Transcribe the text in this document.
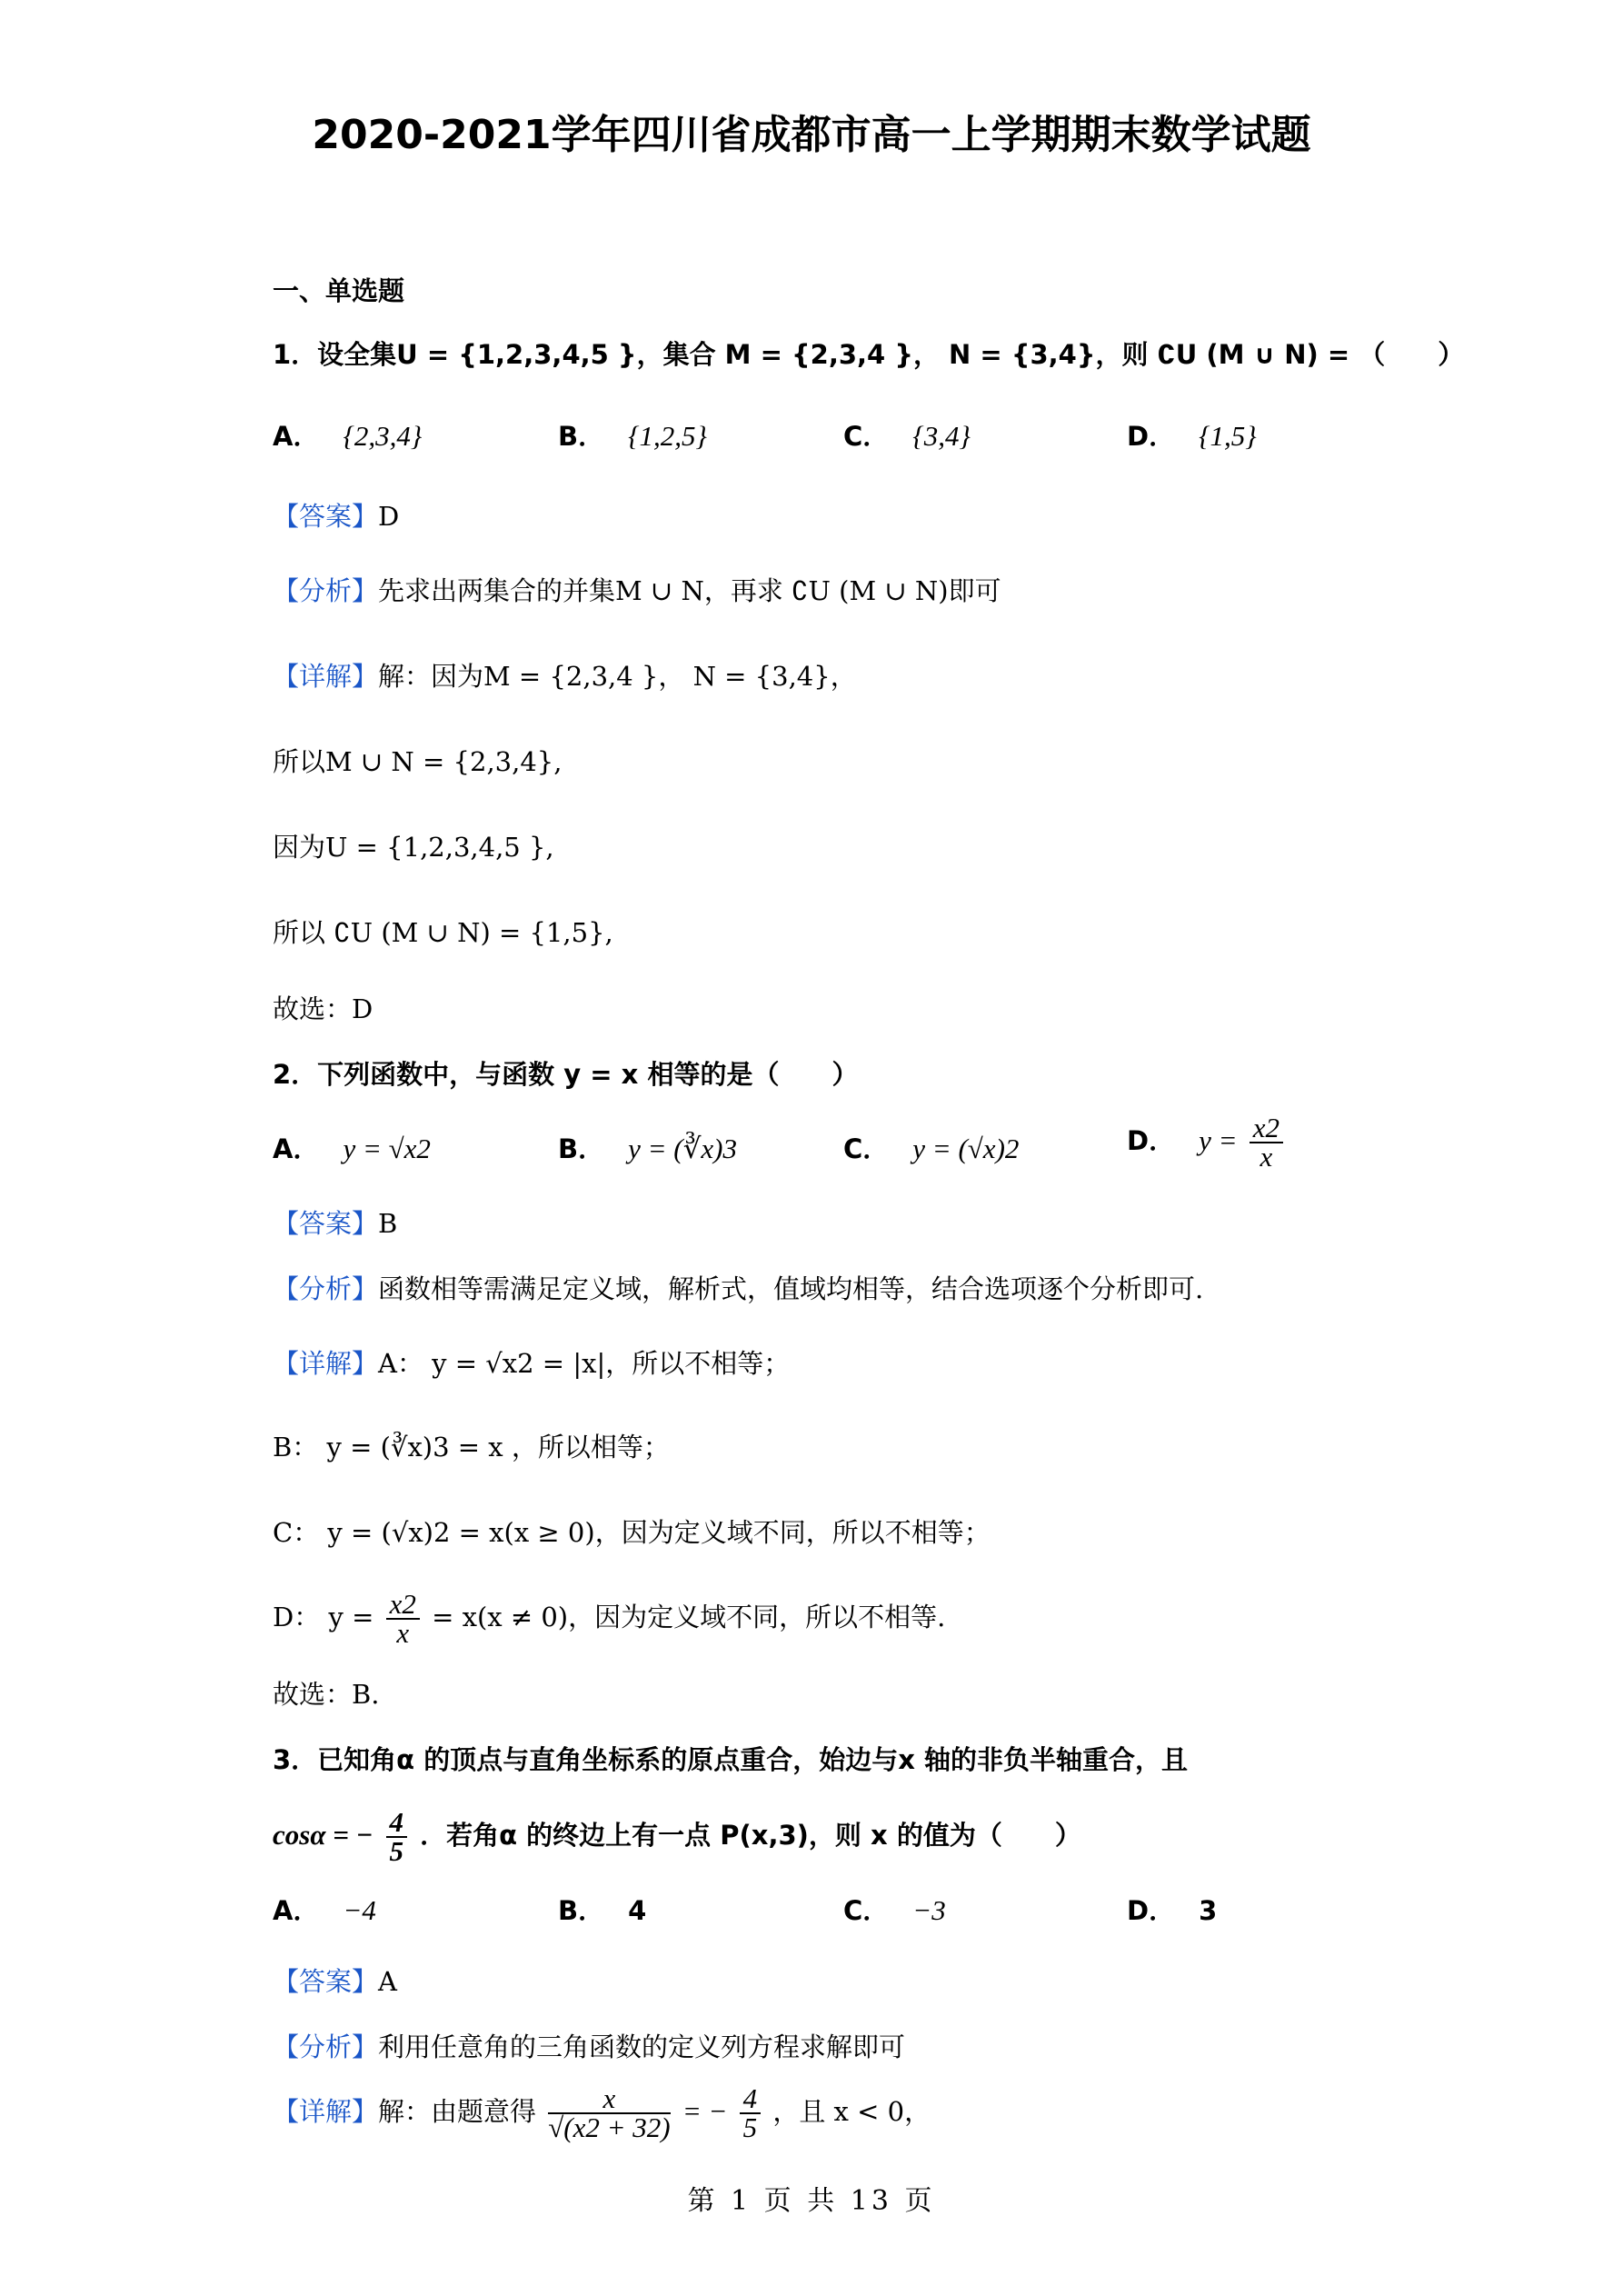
2020-2021学年四川省成都市高一上学期期末数学试题
一、单选题
1．设全集U = {1,2,3,4,5 }，集合 M = {2,3,4 }， N = {3,4}，则 ∁U (M ∪ N) = （　　）
A． {2,3,4}	B． {1,2,5}	C． {3,4}	D． {1,5}
【答案】D
【分析】先求出两集合的并集M ∪ N，再求 ∁U (M ∪ N)即可
【详解】解：因为M = {2,3,4 }， N = {3,4}，
所以M ∪ N = {2,3,4},
因为U = {1,2,3,4,5 },
所以 ∁U (M ∪ N) = {1,5},
故选：D
2．下列函数中，与函数 y = x 相等的是（　　）
A． y = √x2	B． y = (∛x)3	C． y = (√x)2	D． $y = \frac{x2}{x}$
【答案】B
【分析】函数相等需满足定义域，解析式，值域均相等，结合选项逐个分析即可.
【详解】A： y = √x2 = |x|，所以不相等；
B： y = (∛x)3 = x ，所以相等；
C： y = (√x)2 = x(x ≥ 0)，因为定义域不同，所以不相等；
D： $y = \frac{x2}{x} = x(x \ne 0)$，因为定义域不同，所以不相等.
故选：B.
3．已知角α 的顶点与直角坐标系的原点重合，始边与x 轴的非负半轴重合，且
cosα = − $\frac{4}{5}$ ．若角α 的终边上有一点 P(x,3)，则 x 的值为（　　）
A． −4	B． 4	C． −3	D． 3
【答案】A
【分析】利用任意角的三角函数的定义列方程求解即可
【详解】解：由题意得 $\frac{x}{√(x2 + 32)}$ = − $\frac{4}{5}$ ，且 x < 0，
第 1 页 共 13 页
